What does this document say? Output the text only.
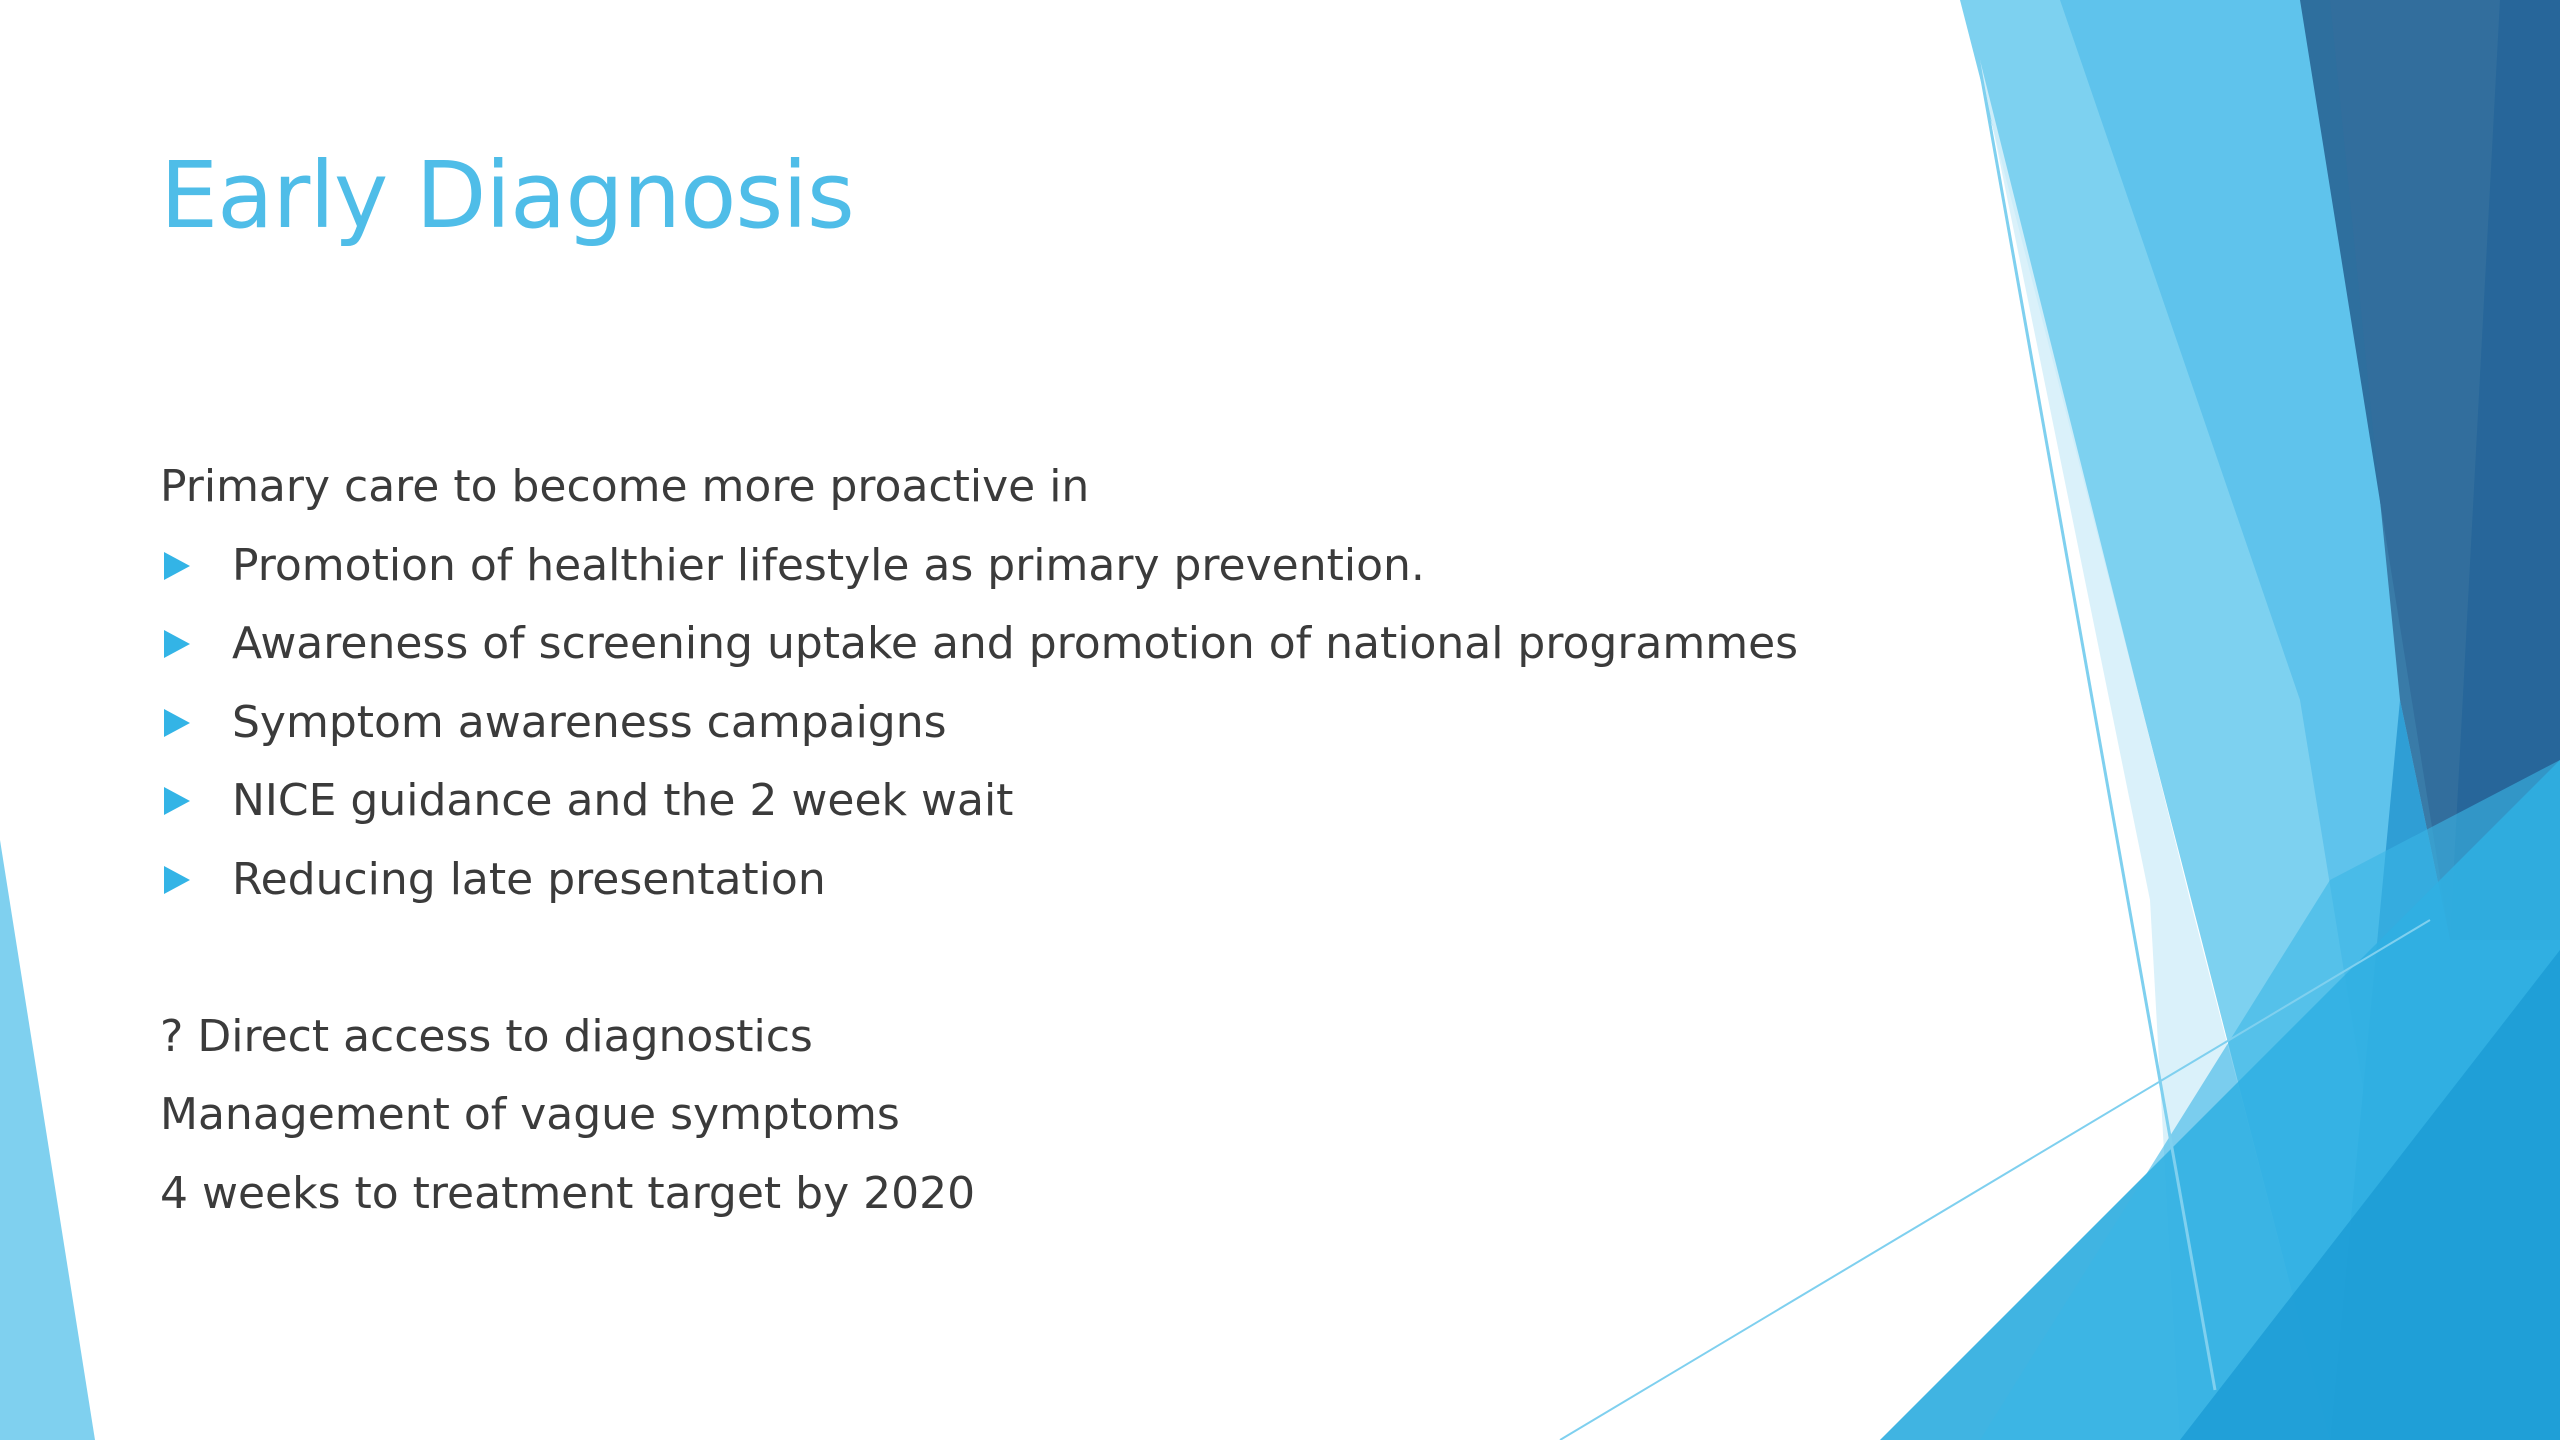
Early Diagnosis
Primary care to become more proactive in
Promotion of healthier lifestyle as primary prevention.
Awareness of screening uptake and promotion of national programmes
Symptom awareness campaigns
NICE guidance and the 2 week wait
Reducing late presentation
? Direct access to diagnostics
Management of vague symptoms
4 weeks to treatment target by 2020
